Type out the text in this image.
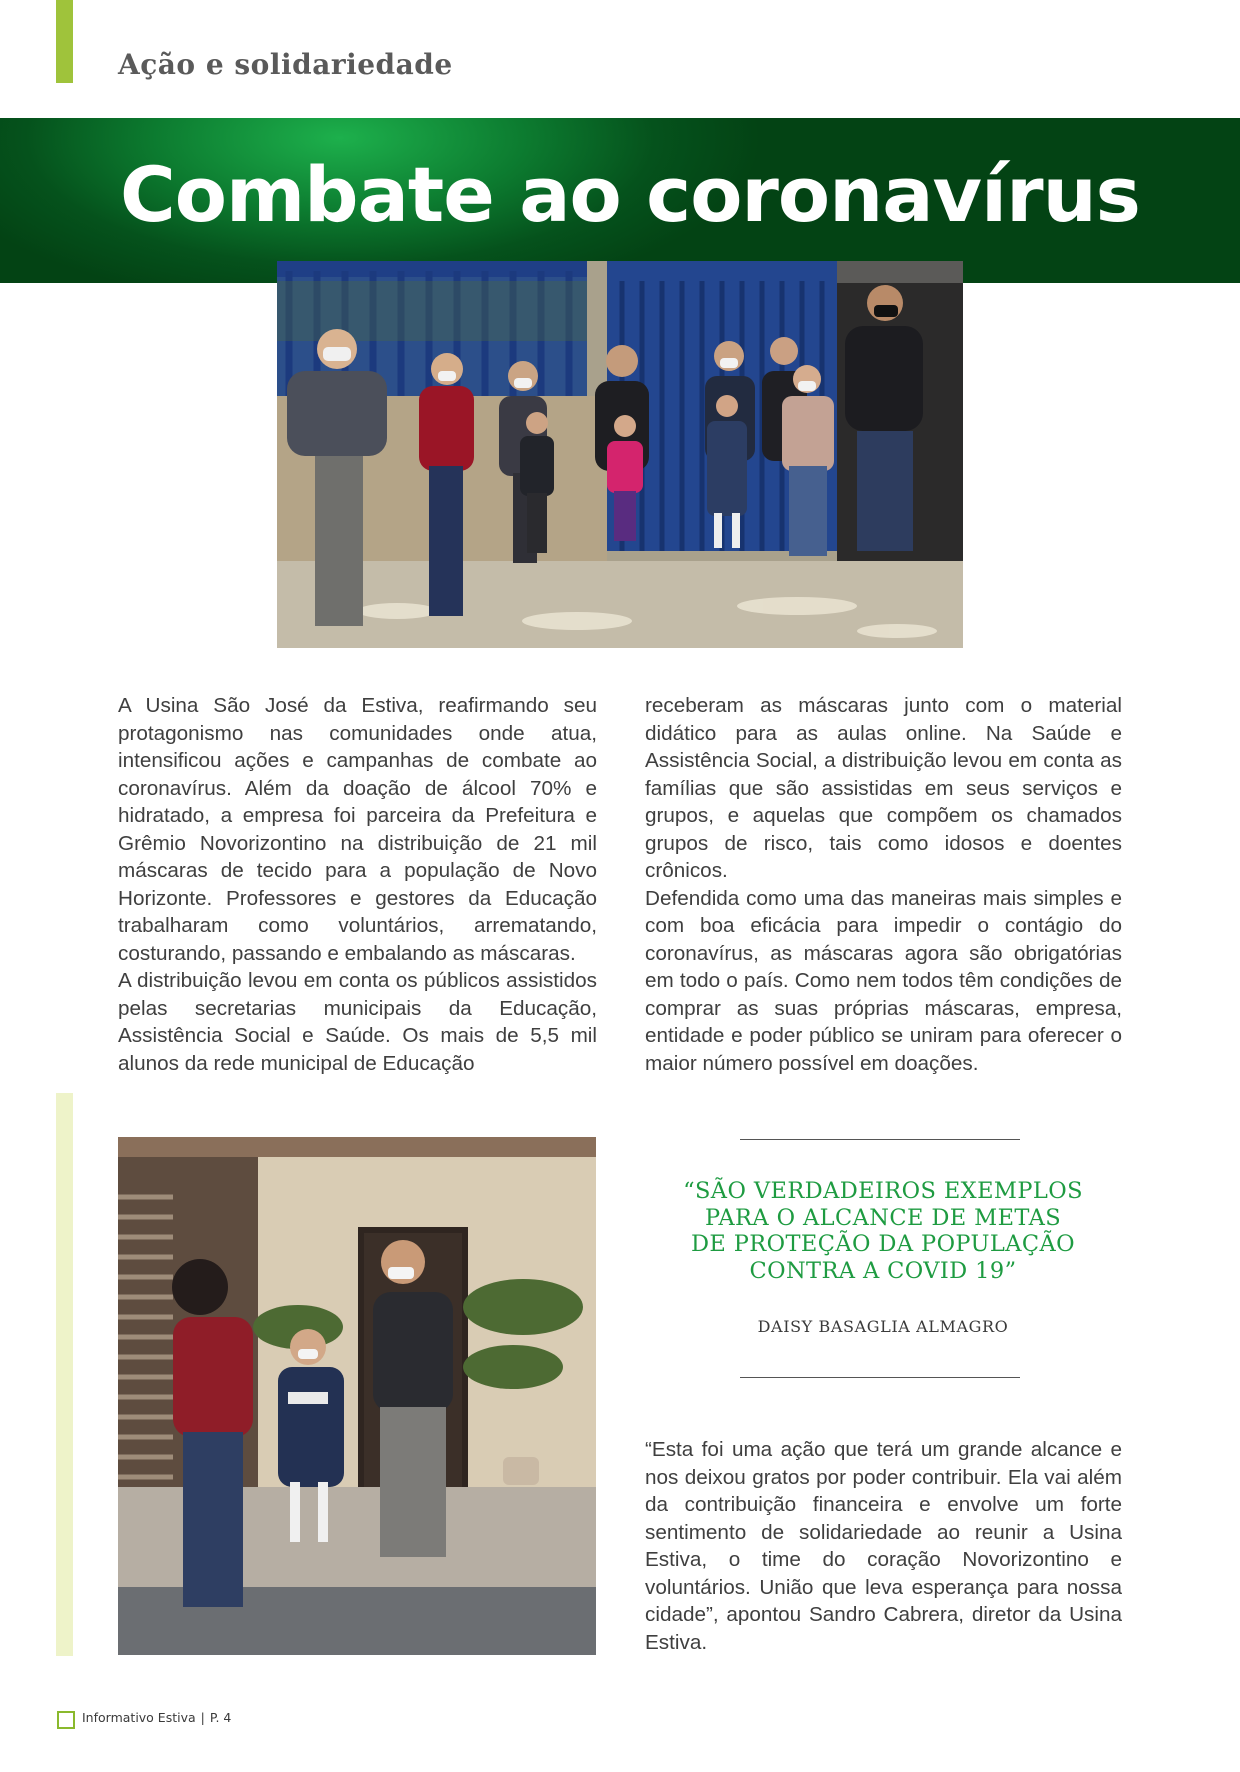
Ação e solidariedade
Combate ao coronavírus

A Usina São José da Estiva, reafirmando seu protagonismo nas comunidades onde atua, intensificou ações e campanhas de combate ao coronavírus. Além da doação de álcool 70% e hidratado, a empresa foi parceira da Prefeitura e Grêmio Novorizontino na distribuição de 21 mil máscaras de tecido para a população de Novo Horizonte. Professores e gestores da Educação trabalharam como voluntários, arrematando, costurando, passando e embalando as máscaras.

A distribuição levou em conta os públicos assistidos pelas secretarias municipais da Educação, Assistência Social e Saúde. Os mais de 5,5 mil alunos da rede municipal de Educação

receberam as máscaras junto com o material didático para as aulas online. Na Saúde e Assistência Social, a distribuição levou em conta as famílias que são assistidas em seus serviços e grupos, e aquelas que compõem os chamados grupos de risco, tais como idosos e doentes crônicos.

Defendida como uma das maneiras mais simples e com boa eficácia para impedir o contágio do coronavírus, as máscaras agora são obrigatórias em todo o país. Como nem todos têm condições de comprar as suas próprias máscaras, empresa, entidade e poder público se uniram para oferecer o maior número possível em doações.

“SÃO VERDADEIROS EXEMPLOS
PARA O ALCANCE DE METAS
DE PROTEÇÃO DA POPULAÇÃO
CONTRA A COVID 19”
DAISY BASAGLIA ALMAGRO

“Esta foi uma ação que terá um grande alcance e nos deixou gratos por poder contribuir. Ela vai além da contribuição financeira e envolve um forte sentimento de solidariedade ao reunir a Usina Estiva, o time do coração Novorizontino e voluntários. União que leva esperança para nossa cidade”, apontou Sandro Cabrera, diretor da Usina Estiva.

Informativo Estiva | P. 4
